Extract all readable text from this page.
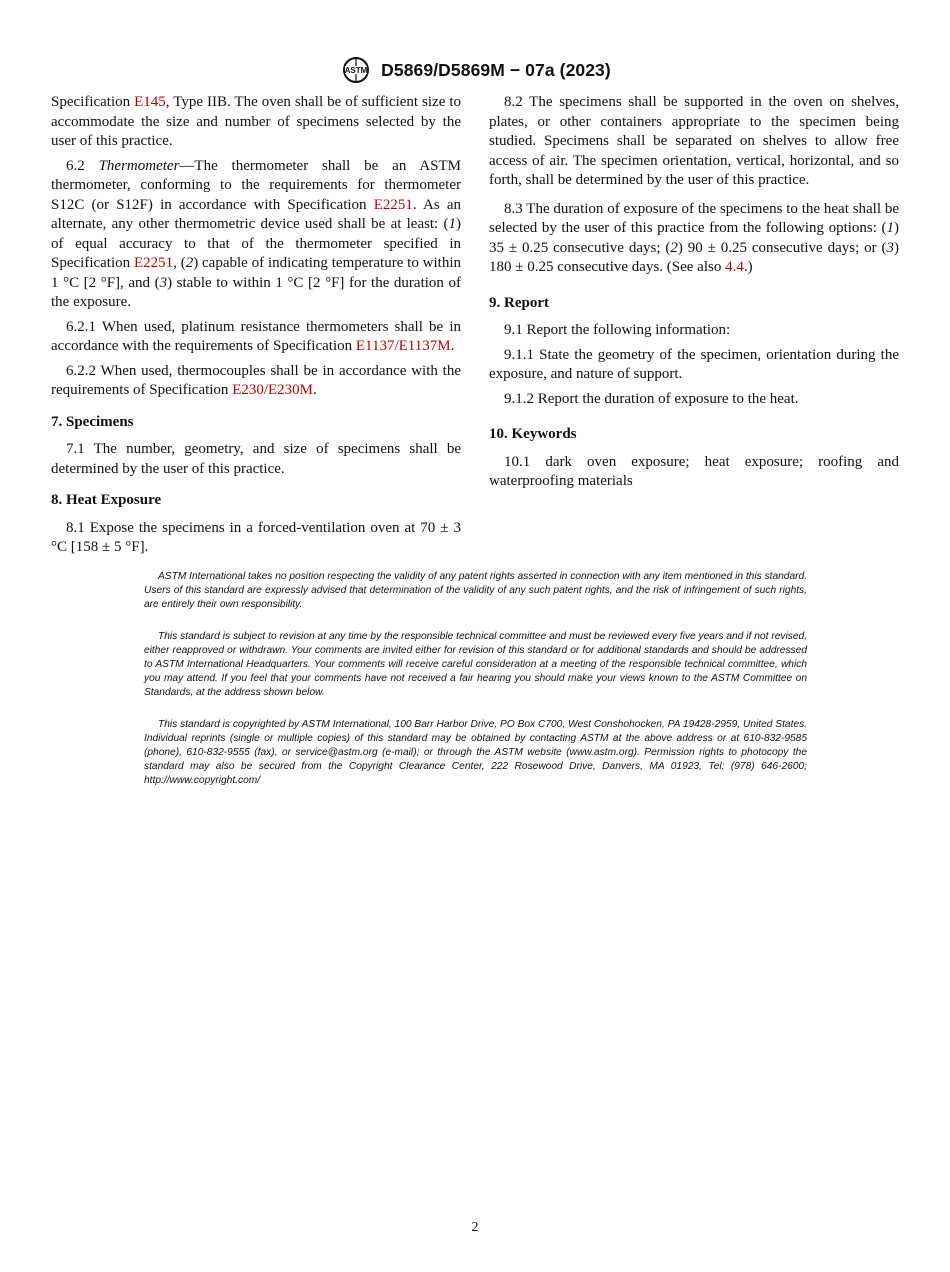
ASTM D5869/D5869M − 07a (2023)

Specification E145, Type IIB. The oven shall be of sufficient size to accommodate the size and number of specimens selected by the user of this practice.

6.2 Thermometer—The thermometer shall be an ASTM thermometer, conforming to the requirements for thermometer S12C (or S12F) in accordance with Specification E2251. As an alternate, any other thermometric device used shall be at least: (1) of equal accuracy to that of the thermometer specified in Specification E2251, (2) capable of indicating temperature to within 1 °C [2 °F], and (3) stable to within 1 °C [2 °F] for the duration of the exposure.

6.2.1 When used, platinum resistance thermometers shall be in accordance with the requirements of Specification E1137/E1137M.

6.2.2 When used, thermocouples shall be in accordance with the requirements of Specification E230/E230M.

7. Specimens

7.1 The number, geometry, and size of specimens shall be determined by the user of this practice.

8. Heat Exposure

8.1 Expose the specimens in a forced-ventilation oven at 70 ± 3 °C [158 ± 5 °F].

8.2 The specimens shall be supported in the oven on shelves, plates, or other containers appropriate to the specimen being studied. Specimens shall be separated on shelves to allow free access of air. The specimen orientation, vertical, horizontal, and so forth, shall be determined by the user of this practice.

8.3 The duration of exposure of the specimens to the heat shall be selected by the user of this practice from the following options: (1) 35 ± 0.25 consecutive days; (2) 90 ± 0.25 consecutive days; or (3) 180 ± 0.25 consecutive days. (See also 4.4.)

9. Report

9.1 Report the following information:

9.1.1 State the geometry of the specimen, orientation during the exposure, and nature of support.

9.1.2 Report the duration of exposure to the heat.

10. Keywords

10.1 dark oven exposure; heat exposure; roofing and waterproofing materials

ASTM International takes no position respecting the validity of any patent rights asserted in connection with any item mentioned in this standard. Users of this standard are expressly advised that determination of the validity of any such patent rights, and the risk of infringement of such rights, are entirely their own responsibility.

This standard is subject to revision at any time by the responsible technical committee and must be reviewed every five years and if not revised, either reapproved or withdrawn. Your comments are invited either for revision of this standard or for additional standards and should be addressed to ASTM International Headquarters. Your comments will receive careful consideration at a meeting of the responsible technical committee, which you may attend. If you feel that your comments have not received a fair hearing you should make your views known to the ASTM Committee on Standards, at the address shown below.

This standard is copyrighted by ASTM International, 100 Barr Harbor Drive, PO Box C700, West Conshohocken, PA 19428-2959, United States. Individual reprints (single or multiple copies) of this standard may be obtained by contacting ASTM at the above address or at 610-832-9585 (phone), 610-832-9555 (fax), or service@astm.org (e-mail); or through the ASTM website (www.astm.org). Permission rights to photocopy the standard may also be secured from the Copyright Clearance Center, 222 Rosewood Drive, Danvers, MA 01923, Tel: (978) 646-2600; http://www.copyright.com/

2
